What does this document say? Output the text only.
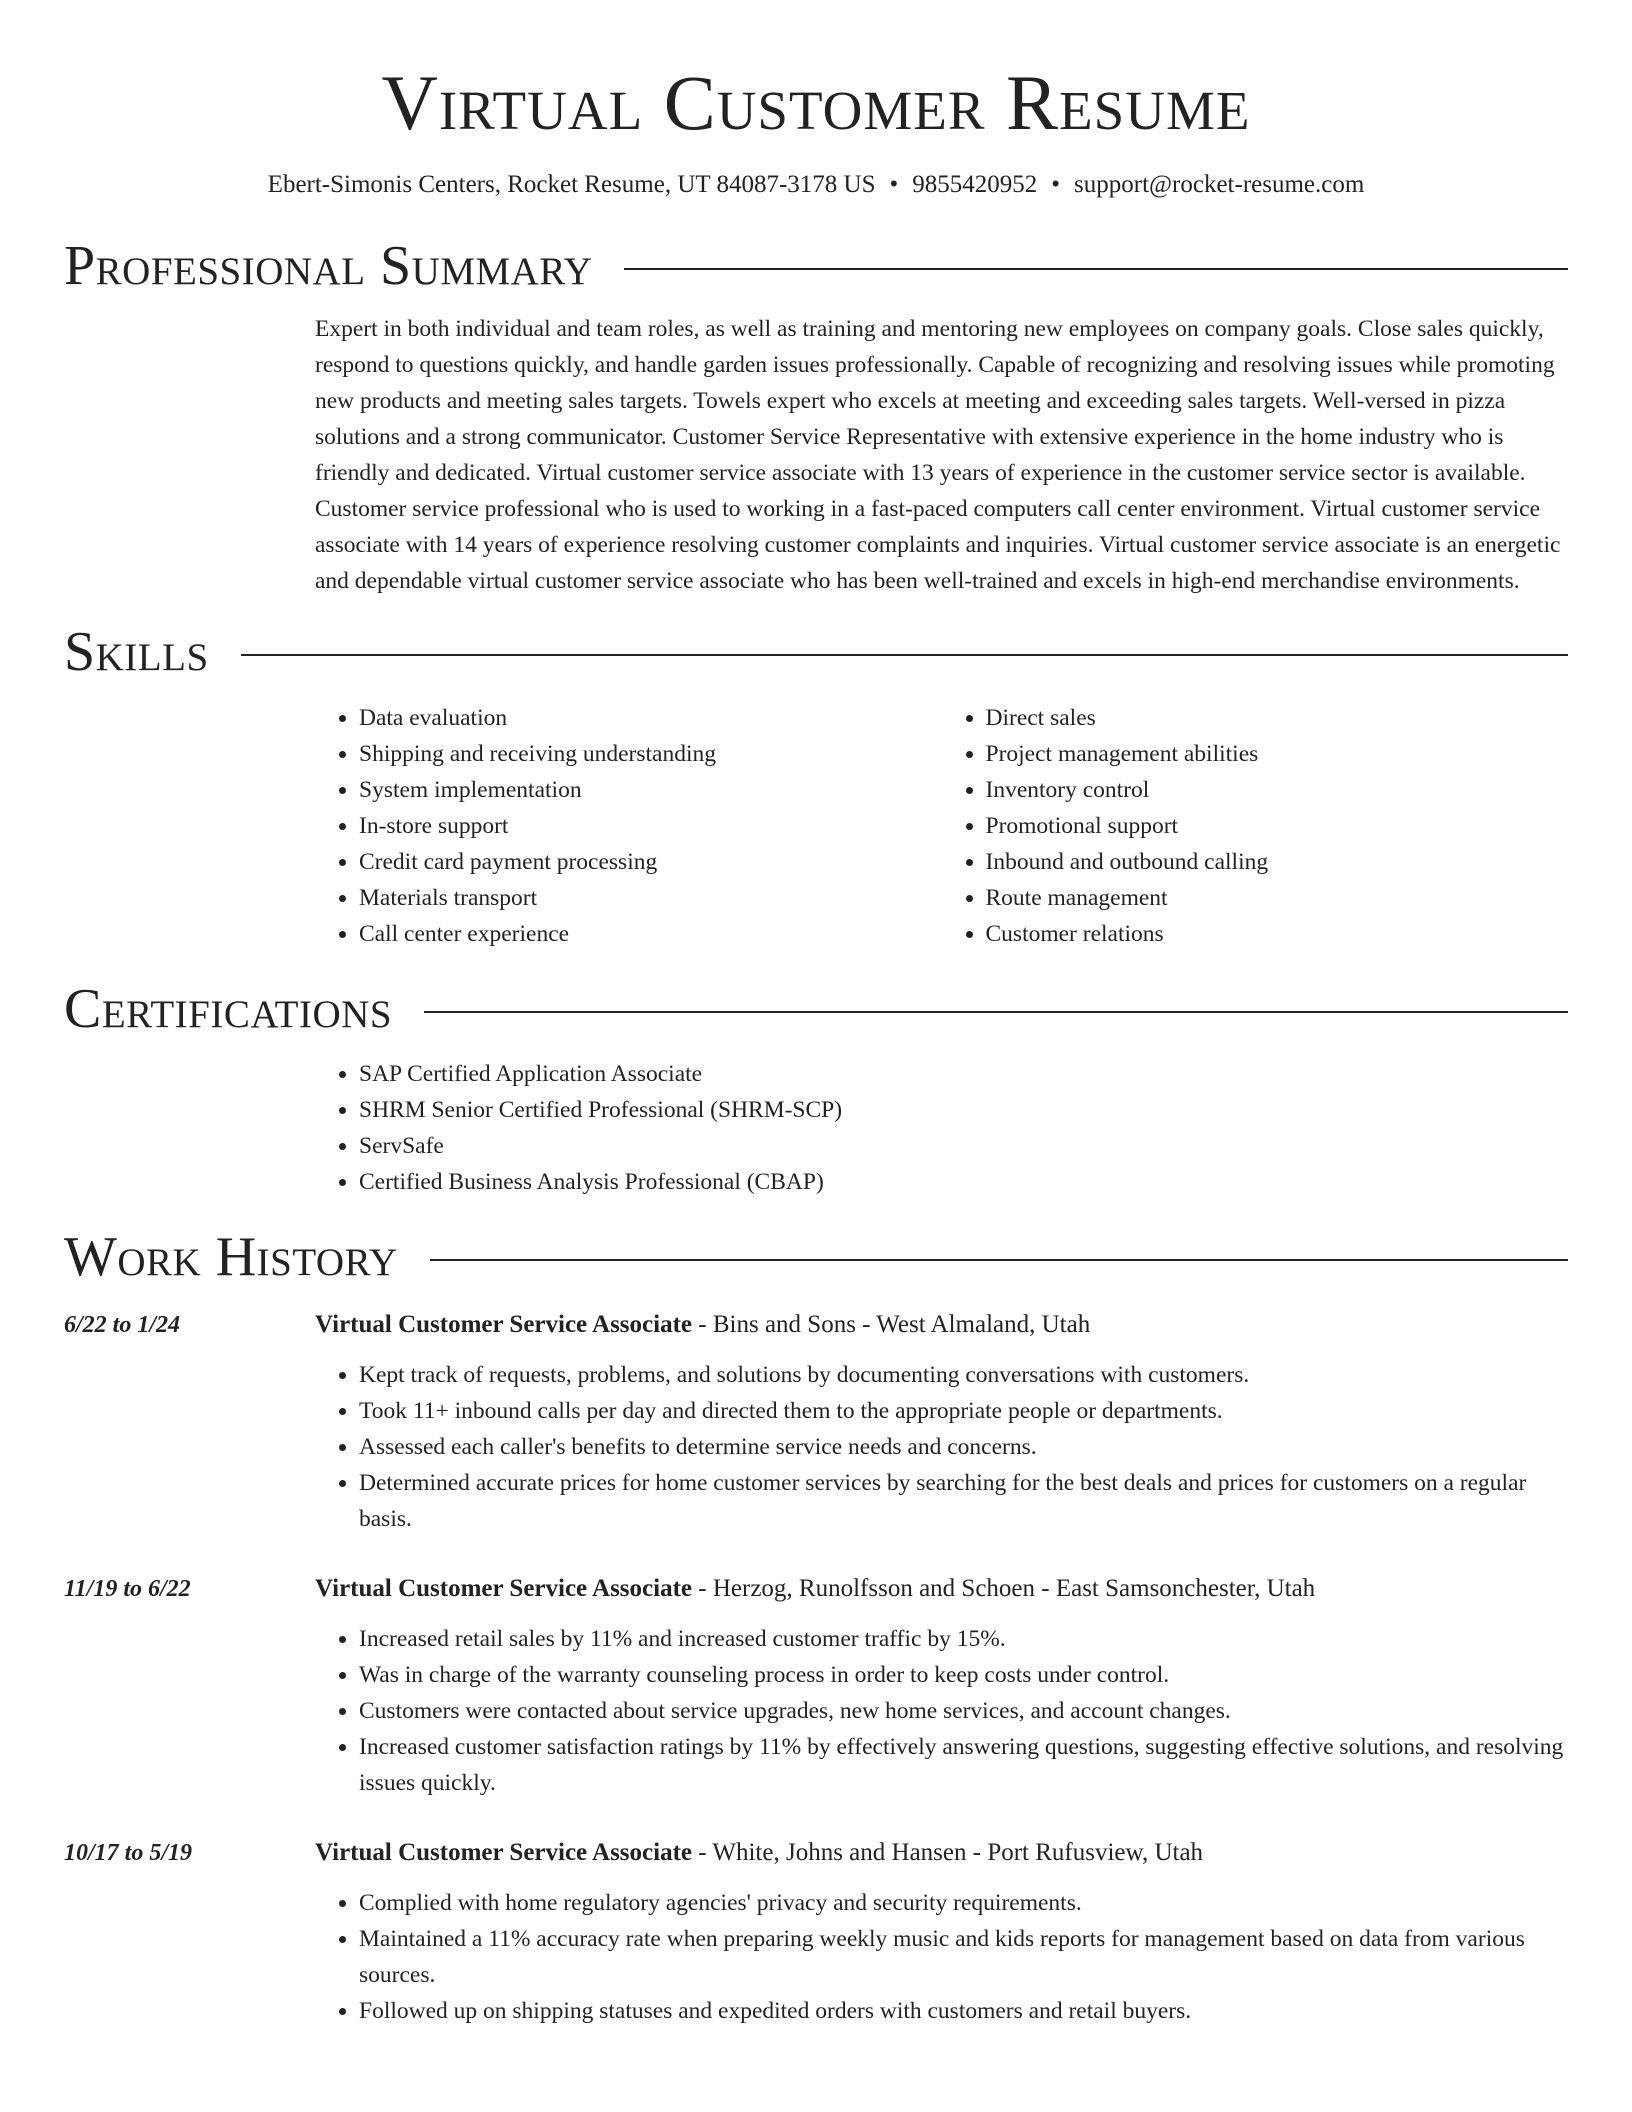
Virtual Customer Resume
Ebert-Simonis Centers, Rocket Resume, UT 84087-3178 US • 9855420952 • support@rocket-resume.com
Professional Summary

Expert in both individual and team roles, as well as training and mentoring new employees on company goals. Close sales quickly, respond to questions quickly, and handle garden issues professionally. Capable of recognizing and resolving issues while promoting new products and meeting sales targets. Towels expert who excels at meeting and exceeding sales targets. Well-versed in pizza solutions and a strong communicator. Customer Service Representative with extensive experience in the home industry who is friendly and dedicated. Virtual customer service associate with 13 years of experience in the customer service sector is available. Customer service professional who is used to working in a fast-paced computers call center environment. Virtual customer service associate with 14 years of experience resolving customer complaints and inquiries. Virtual customer service associate is an energetic and dependable virtual customer service associate who has been well-trained and excels in high-end merchandise environments.

Skills
• Data evaluation
• Shipping and receiving understanding
• System implementation
• In-store support
• Credit card payment processing
• Materials transport
• Call center experience
• Direct sales
• Project management abilities
• Inventory control
• Promotional support
• Inbound and outbound calling
• Route management
• Customer relations
Certifications
• SAP Certified Application Associate
• SHRM Senior Certified Professional (SHRM-SCP)
• ServSafe
• Certified Business Analysis Professional (CBAP)
Work History
6/22 to 1/24	Virtual Customer Service Associate - Bins and Sons - West Almaland, Utah
• Kept track of requests, problems, and solutions by documenting conversations with customers.
• Took 11+ inbound calls per day and directed them to the appropriate people or departments.
• Assessed each caller's benefits to determine service needs and concerns.
• Determined accurate prices for home customer services by searching for the best deals and prices for customers on a regular basis.
11/19 to 6/22	Virtual Customer Service Associate - Herzog, Runolfsson and Schoen - East Samsonchester, Utah
• Increased retail sales by 11% and increased customer traffic by 15%.
• Was in charge of the warranty counseling process in order to keep costs under control.
• Customers were contacted about service upgrades, new home services, and account changes.
• Increased customer satisfaction ratings by 11% by effectively answering questions, suggesting effective solutions, and resolving issues quickly.
10/17 to 5/19	Virtual Customer Service Associate - White, Johns and Hansen - Port Rufusview, Utah
• Complied with home regulatory agencies' privacy and security requirements.
• Maintained a 11% accuracy rate when preparing weekly music and kids reports for management based on data from various sources.
• Followed up on shipping statuses and expedited orders with customers and retail buyers.
